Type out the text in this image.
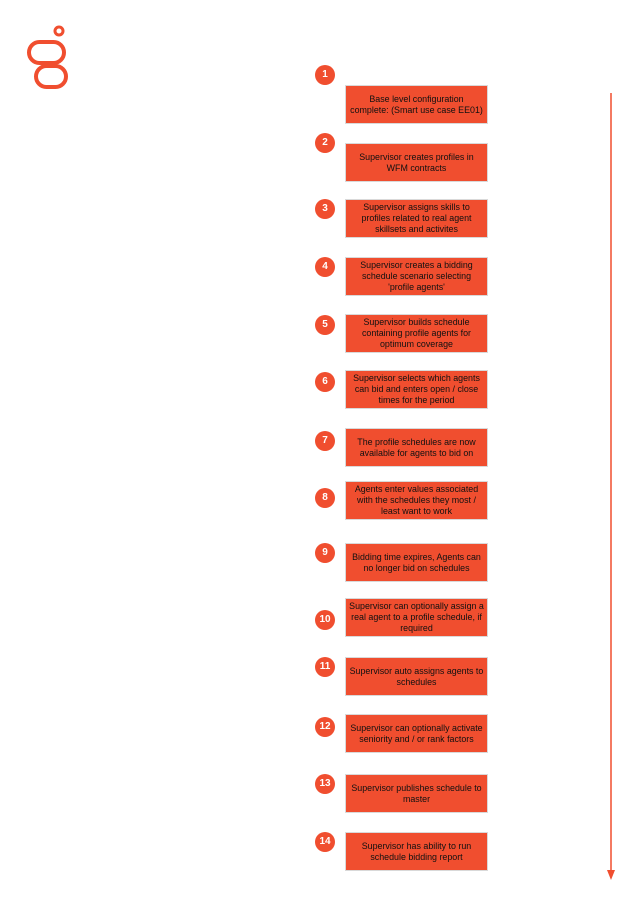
1
Base level configuration complete: (Smart use case EE01)
2
Supervisor creates profiles in WFM contracts
3	Supervisor assigns skills to profiles related to real agent skillsets and activites
4	Supervisor creates a bidding schedule scenario selecting 'profile agents'
5	Supervisor builds schedule containing profile agents for optimum coverage
6	Supervisor selects which agents can bid and enters open / close times for the period
7	The profile schedules are now available for agents to bid on
8
Agents enter values associated with the schedules they most / least want to work
9	Bidding time expires, Agents can no longer bid on schedules
10
Supervisor can optionally assign a real agent to a profile schedule, if required
11	Supervisor auto assigns agents to schedules
12	Supervisor can optionally activate seniority and / or rank factors
13	Supervisor publishes schedule to master
14	Supervisor has ability to run schedule bidding report
